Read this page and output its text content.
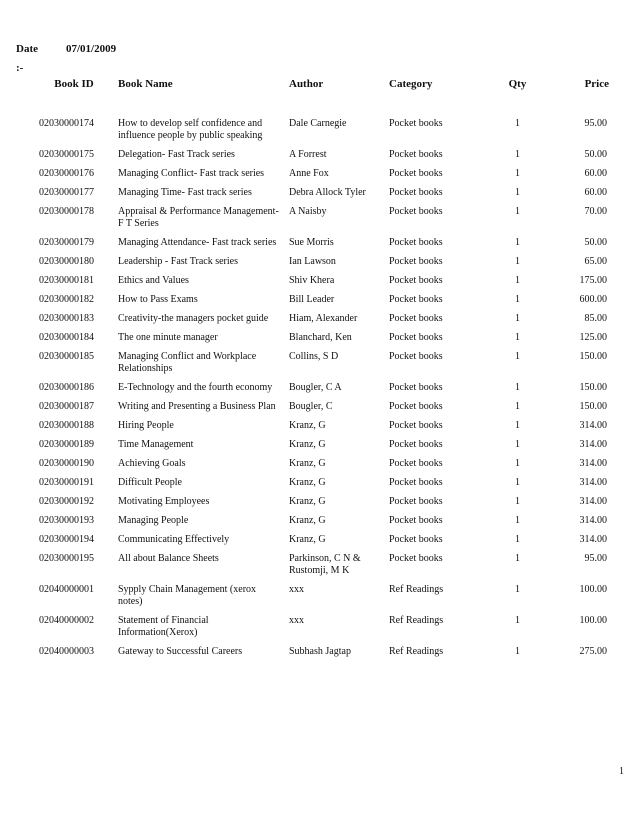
Date	07/01/2009
:-
Book ID	Book Name	Author	Category	Qty	Price

02030000174	How to develop self confidence and influence people by public speaking	Dale Carnegie	Pocket books	1	95.00
02030000175	Delegation- Fast Track series	A Forrest	Pocket books	1	50.00
02030000176	Managing Conflict- Fast track series	Anne Fox	Pocket books	1	60.00
02030000177	Managing Time- Fast track series	Debra Allock Tyler	Pocket books	1	60.00
02030000178	Appraisal & Performance Management- F T Series	A Naisby	Pocket books	1	70.00
02030000179	Managing Attendance- Fast track series	Sue Morris	Pocket books	1	50.00
02030000180	Leadership - Fast Track series	Ian Lawson	Pocket books	1	65.00
02030000181	Ethics and Values	Shiv Khera	Pocket books	1	175.00
02030000182	How to Pass Exams	Bill Leader	Pocket books	1	600.00
02030000183	Creativity-the managers pocket guide	Hiam, Alexander	Pocket books	1	85.00
02030000184	The one minute manager	Blanchard, Ken	Pocket books	1	125.00
02030000185	Managing Conflict and Workplace Relationships	Collins, S D	Pocket books	1	150.00
02030000186	E-Technology and the fourth economy	Bougler, C A	Pocket books	1	150.00
02030000187	Writing and Presenting a Business Plan	Bougler, C	Pocket books	1	150.00
02030000188	Hiring People	Kranz, G	Pocket books	1	314.00
02030000189	Time Management	Kranz, G	Pocket books	1	314.00
02030000190	Achieving Goals	Kranz, G	Pocket books	1	314.00
02030000191	Difficult People	Kranz, G	Pocket books	1	314.00
02030000192	Motivating Employees	Kranz, G	Pocket books	1	314.00
02030000193	Managing People	Kranz, G	Pocket books	1	314.00
02030000194	Communicating Effectively	Kranz, G	Pocket books	1	314.00
02030000195	All about Balance Sheets	Parkinson, C N & Rustomji, M K	Pocket books	1	95.00
02040000001	Sypply Chain Management (xerox notes)	xxx	Ref Readings	1	100.00
02040000002	Statement of Financial Information(Xerox)	xxx	Ref Readings	1	100.00
02040000003	Gateway to Successful Careers	Subhash Jagtap	Ref Readings	1	275.00
1
